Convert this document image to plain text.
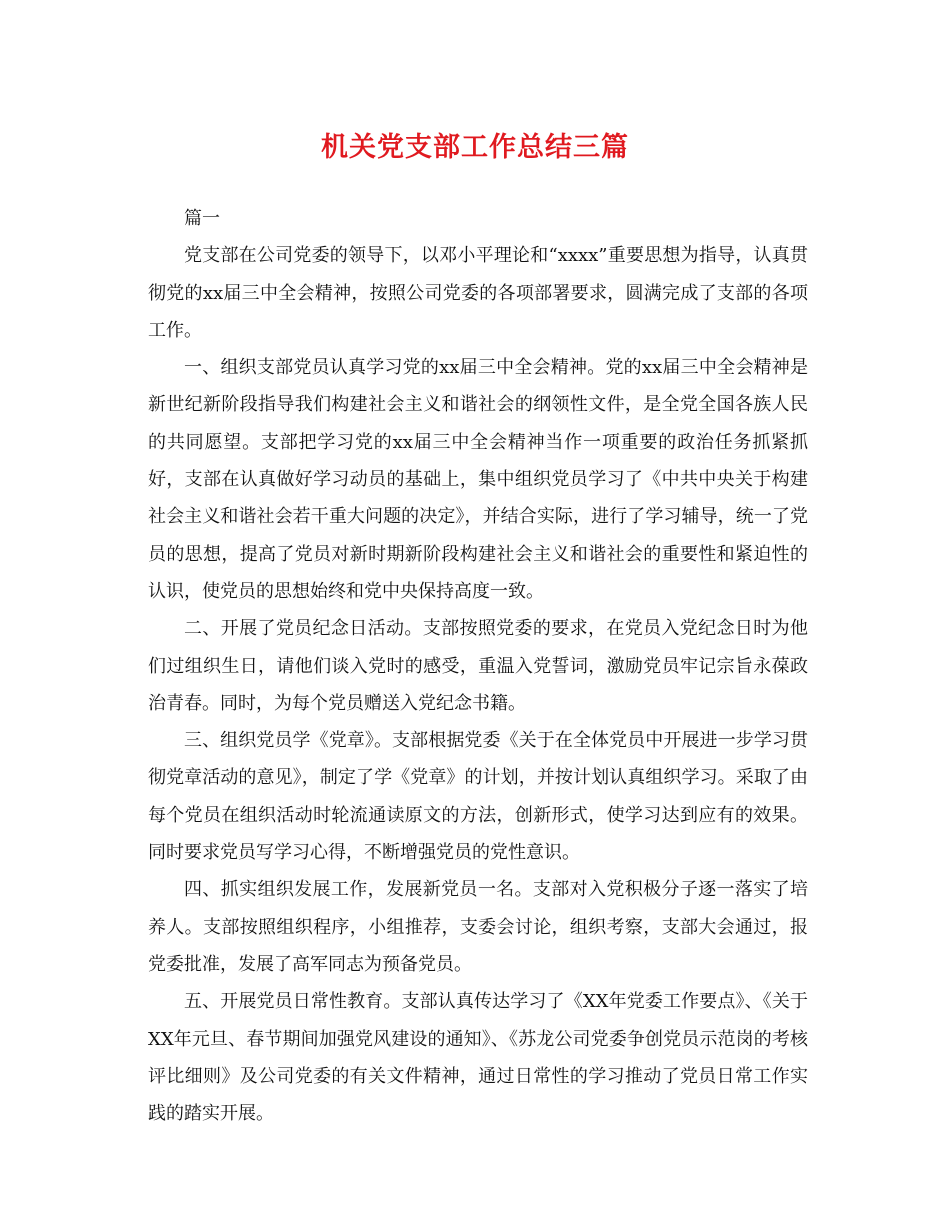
机关党支部工作总结三篇

篇一

党支部在公司党委的领导下，以邓小平理论和“xxxx”重要思想为指导，认真贯彻党的xx届三中全会精神，按照公司党委的各项部署要求，圆满完成了支部的各项工作。

一、组织支部党员认真学习党的xx届三中全会精神。党的xx届三中全会精神是新世纪新阶段指导我们构建社会主义和谐社会的纲领性文件，是全党全国各族人民的共同愿望。支部把学习党的xx届三中全会精神当作一项重要的政治任务抓紧抓好，支部在认真做好学习动员的基础上，集中组织党员学习了《中共中央关于构建社会主义和谐社会若干重大问题的决定》，并结合实际，进行了学习辅导，统一了党员的思想，提高了党员对新时期新阶段构建社会主义和谐社会的重要性和紧迫性的认识，使党员的思想始终和党中央保持高度一致。

二、开展了党员纪念日活动。支部按照党委的要求，在党员入党纪念日时为他们过组织生日，请他们谈入党时的感受，重温入党誓词，激励党员牢记宗旨永葆政治青春。同时，为每个党员赠送入党纪念书籍。

三、组织党员学《党章》。支部根据党委《关于在全体党员中开展进一步学习贯彻党章活动的意见》，制定了学《党章》的计划，并按计划认真组织学习。采取了由每个党员在组织活动时轮流通读原文的方法，创新形式，使学习达到应有的效果。同时要求党员写学习心得，不断增强党员的党性意识。

四、抓实组织发展工作，发展新党员一名。支部对入党积极分子逐一落实了培养人。支部按照组织程序，小组推荐，支委会讨论，组织考察，支部大会通过，报党委批准，发展了高军同志为预备党员。

五、开展党员日常性教育。支部认真传达学习了《XX年党委工作要点》、《关于XX年元旦、春节期间加强党风建设的通知》、《苏龙公司党委争创党员示范岗的考核评比细则》及公司党委的有关文件精神，通过日常性的学习推动了党员日常工作实践的踏实开展。
